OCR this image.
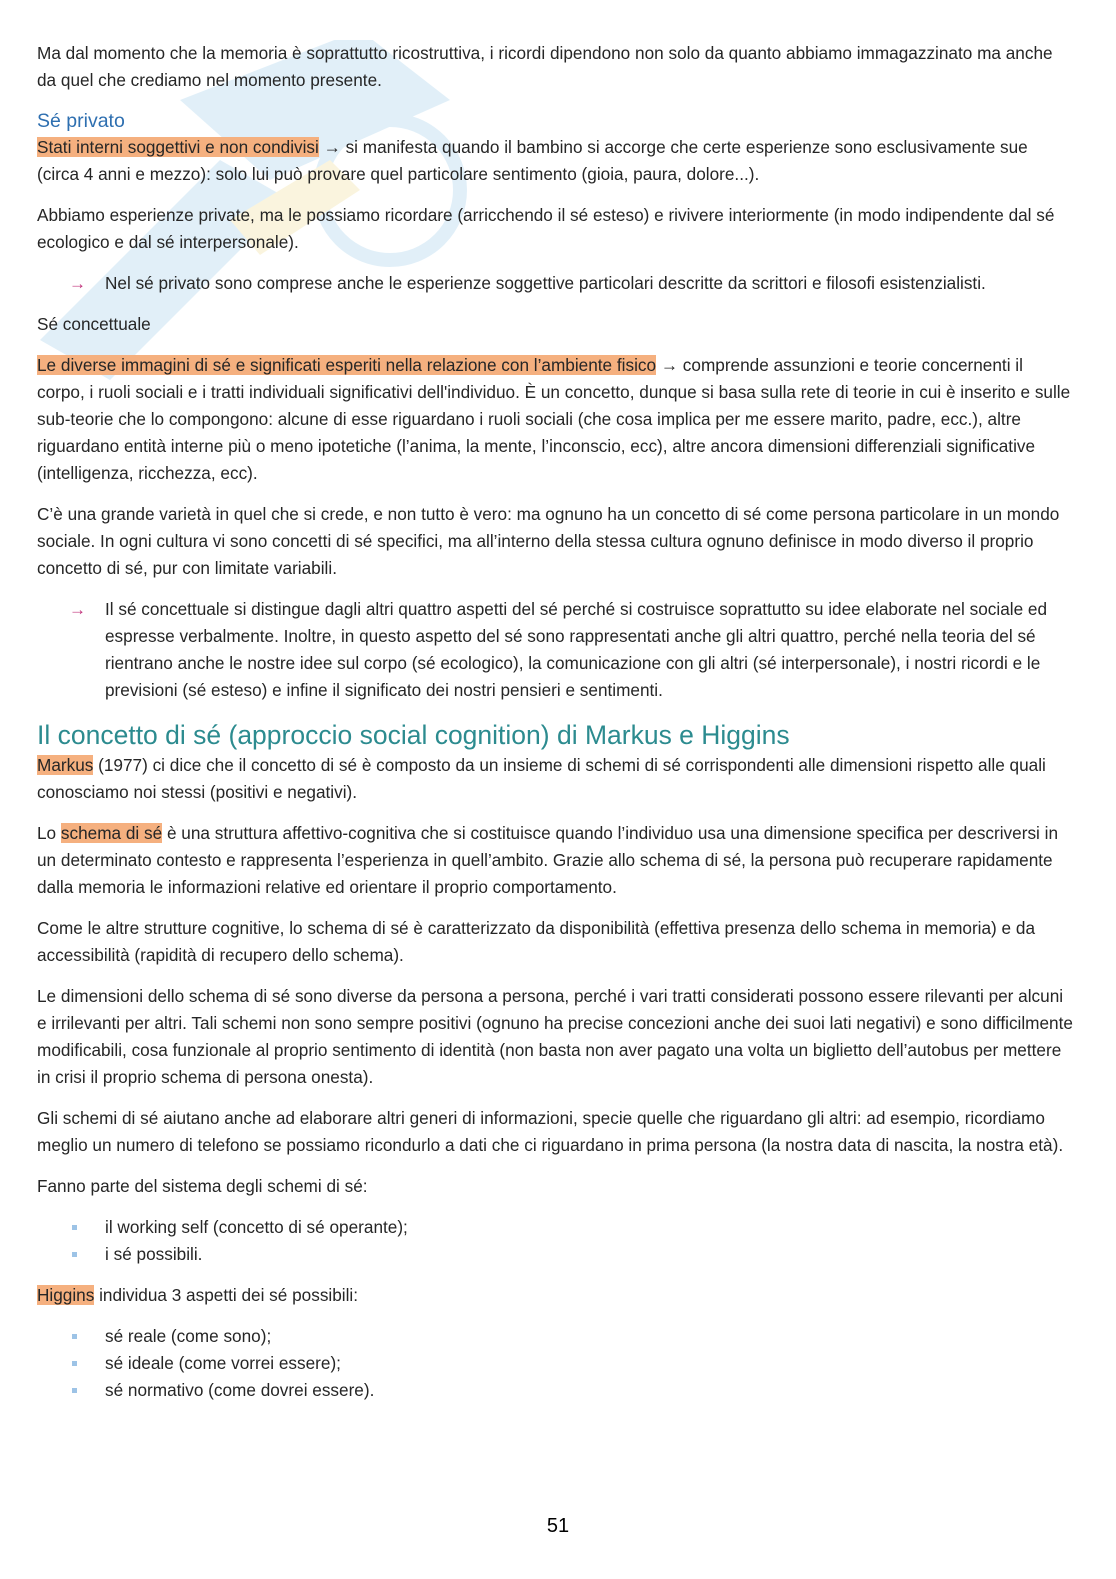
Ma dal momento che la memoria è soprattutto ricostruttiva, i ricordi dipendono non solo da quanto abbiamo immagazzinato ma anche da quel che crediamo nel momento presente.

Sé privato

Stati interni soggettivi e non condivisi → si manifesta quando il bambino si accorge che certe esperienze sono esclusivamente sue (circa 4 anni e mezzo): solo lui può provare quel particolare sentimento (gioia, paura, dolore...).

Abbiamo esperienze private, ma le possiamo ricordare (arricchendo il sé esteso) e rivivere interiormente (in modo indipendente dal sé ecologico e dal sé interpersonale).

→ Nel sé privato sono comprese anche le esperienze soggettive particolari descritte da scrittori e filosofi esistenzialisti.

Sé concettuale

Le diverse immagini di sé e significati esperiti nella relazione con l’ambiente fisico → comprende assunzioni e teorie concernenti il corpo, i ruoli sociali e i tratti individuali significativi dell'individuo. È un concetto, dunque si basa sulla rete di teorie in cui è inserito e sulle sub-teorie che lo compongono: alcune di esse riguardano i ruoli sociali (che cosa implica per me essere marito, padre, ecc.), altre riguardano entità interne più o meno ipotetiche (l’anima, la mente, l’inconscio, ecc), altre ancora dimensioni differenziali significative (intelligenza, ricchezza, ecc).

C’è una grande varietà in quel che si crede, e non tutto è vero: ma ognuno ha un concetto di sé come persona particolare in un mondo sociale. In ogni cultura vi sono concetti di sé specifici, ma all’interno della stessa cultura ognuno definisce in modo diverso il proprio concetto di sé, pur con limitate variabili.

→ Il sé concettuale si distingue dagli altri quattro aspetti del sé perché si costruisce soprattutto su idee elaborate nel sociale ed espresse verbalmente. Inoltre, in questo aspetto del sé sono rappresentati anche gli altri quattro, perché nella teoria del sé rientrano anche le nostre idee sul corpo (sé ecologico), la comunicazione con gli altri (sé interpersonale), i nostri ricordi e le previsioni (sé esteso) e infine il significato dei nostri pensieri e sentimenti.

Il concetto di sé (approccio social cognition) di Markus e Higgins

Markus (1977) ci dice che il concetto di sé è composto da un insieme di schemi di sé corrispondenti alle dimensioni rispetto alle quali conosciamo noi stessi (positivi e negativi).

Lo schema di sé è una struttura affettivo-cognitiva che si costituisce quando l’individuo usa una dimensione specifica per descriversi in un determinato contesto e rappresenta l’esperienza in quell’ambito. Grazie allo schema di sé, la persona può recuperare rapidamente dalla memoria le informazioni relative ed orientare il proprio comportamento.

Come le altre strutture cognitive, lo schema di sé è caratterizzato da disponibilità (effettiva presenza dello schema in memoria) e da accessibilità (rapidità di recupero dello schema).

Le dimensioni dello schema di sé sono diverse da persona a persona, perché i vari tratti considerati possono essere rilevanti per alcuni e irrilevanti per altri. Tali schemi non sono sempre positivi (ognuno ha precise concezioni anche dei suoi lati negativi) e sono difficilmente modificabili, cosa funzionale al proprio sentimento di identità (non basta non aver pagato una volta un biglietto dell’autobus per mettere in crisi il proprio schema di persona onesta).

Gli schemi di sé aiutano anche ad elaborare altri generi di informazioni, specie quelle che riguardano gli altri: ad esempio, ricordiamo meglio un numero di telefono se possiamo ricondurlo a dati che ci riguardano in prima persona (la nostra data di nascita, la nostra età).

Fanno parte del sistema degli schemi di sé:

il working self (concetto di sé operante);
i sé possibili.

Higgins individua 3 aspetti dei sé possibili:

sé reale (come sono);
sé ideale (come vorrei essere);
sé normativo (come dovrei essere).
51
